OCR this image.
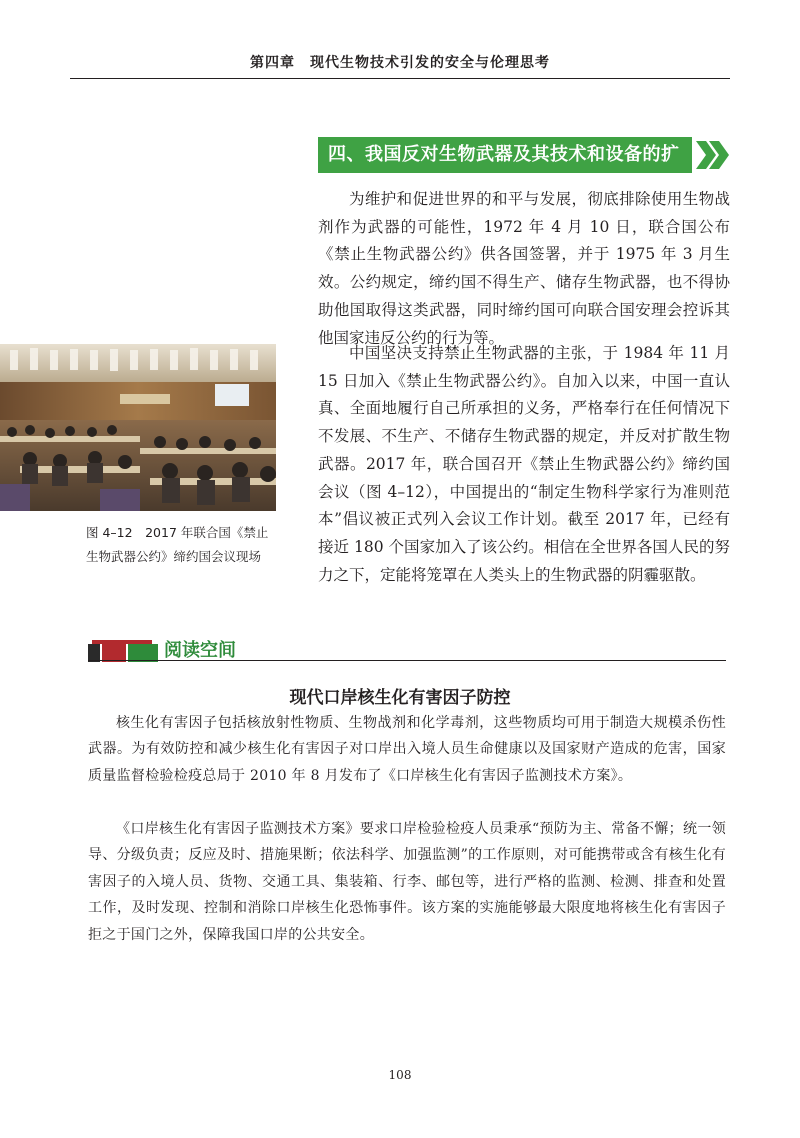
第四章　现代生物技术引发的安全与伦理思考
四、我国反对生物武器及其技术和设备的扩散 为维护和促进世界的和平与发展，彻底排除使用生物战剂作为武器的可能性，1972 年 4 月 10 日，联合国公布《禁止生物武器公约》供各国签署，并于 1975 年 3 月生效。公约规定，缔约国不得生产、储存生物武器，也不得协助他国取得这类武器，同时缔约国可向联合国安理会控诉其他国家违反公约的行为等。

中国坚决支持禁止生物武器的主张，于 1984 年 11 月 15 日加入《禁止生物武器公约》。自加入以来，中国一直认真、全面地履行自己所承担的义务，严格奉行在任何情况下不发展、不生产、不储存生物武器的规定，并反对扩散生物武器。2017 年，联合国召开《禁止生物武器公约》缔约国会议（图 4–12），中国提出的“制定生物科学家行为准则范本”倡议被正式列入会议工作计划。截至 2017 年，已经有接近 180 个国家加入了该公约。相信在全世界各国人民的努力之下，定能将笼罩在人类头上的生物武器的阴霾驱散。

图 4–12　2017 年联合国《禁止
生物武器公约》缔约国会议现场
阅读空间
现代口岸核生化有害因子防控

核生化有害因子包括核放射性物质、生物战剂和化学毒剂，这些物质均可用于制造大规模杀伤性武器。为有效防控和减少核生化有害因子对口岸出入境人员生命健康以及国家财产造成的危害，国家质量监督检验检疫总局于 2010 年 8 月发布了《口岸核生化有害因子监测技术方案》。

《口岸核生化有害因子监测技术方案》要求口岸检验检疫人员秉承“预防为主、常备不懈；统一领导、分级负责；反应及时、措施果断；依法科学、加强监测”的工作原则，对可能携带或含有核生化有害因子的入境人员、货物、交通工具、集装箱、行李、邮包等，进行严格的监测、检测、排查和处置工作，及时发现、控制和消除口岸核生化恐怖事件。该方案的实施能够最大限度地将核生化有害因子拒之于国门之外，保障我国口岸的公共安全。

108
